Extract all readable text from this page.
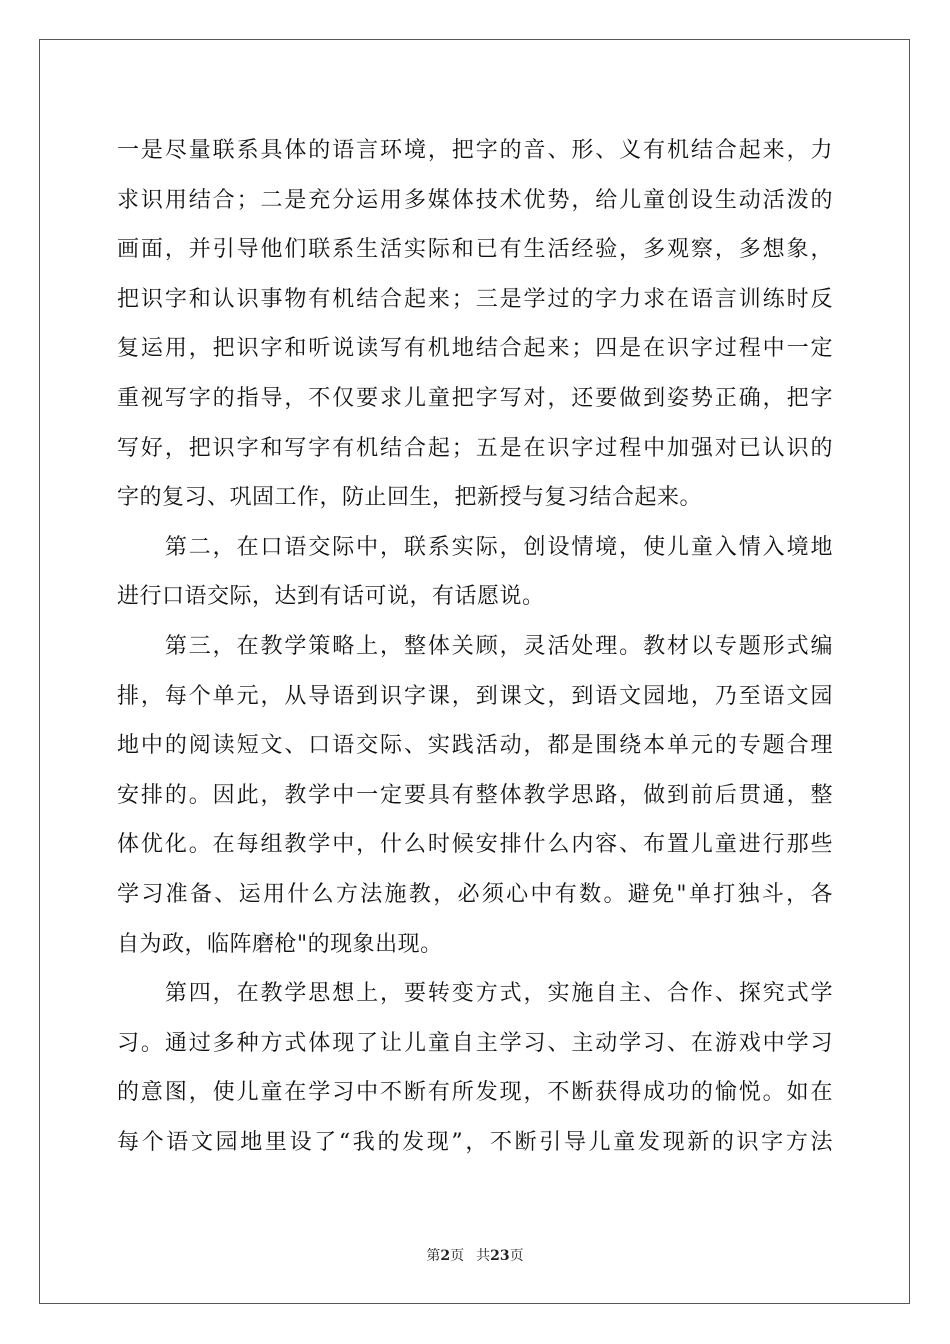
一是尽量联系具体的语言环境，把字的音、形、义有机结合起来，力
求识用结合；二是充分运用多媒体技术优势，给儿童创设生动活泼的
画面，并引导他们联系生活实际和已有生活经验，多观察，多想象，
把识字和认识事物有机结合起来；三是学过的字力求在语言训练时反
复运用，把识字和听说读写有机地结合起来；四是在识字过程中一定
重视写字的指导，不仅要求儿童把字写对，还要做到姿势正确，把字
写好，把识字和写字有机结合起；五是在识字过程中加强对已认识的
字的复习、巩固工作，防止回生，把新授与复习结合起来。
　　第二，在口语交际中，联系实际，创设情境，使儿童入情入境地
进行口语交际，达到有话可说，有话愿说。
　　第三，在教学策略上，整体关顾，灵活处理。教材以专题形式编
排，每个单元，从导语到识字课，到课文，到语文园地，乃至语文园
地中的阅读短文、口语交际、实践活动，都是围绕本单元的专题合理
安排的。因此，教学中一定要具有整体教学思路，做到前后贯通，整
体优化。在每组教学中，什么时候安排什么内容、布置儿童进行那些
学习准备、运用什么方法施教，必须心中有数。避免"单打独斗，各
自为政，临阵磨枪"的现象出现。
　　第四，在教学思想上，要转变方式，实施自主、合作、探究式学
习。通过多种方式体现了让儿童自主学习、主动学习、在游戏中学习
的意图，使儿童在学习中不断有所发现，不断获得成功的愉悦。如在
每个语文园地里设了“我的发现”，不断引导儿童发现新的识字方法
第2页 共23页
